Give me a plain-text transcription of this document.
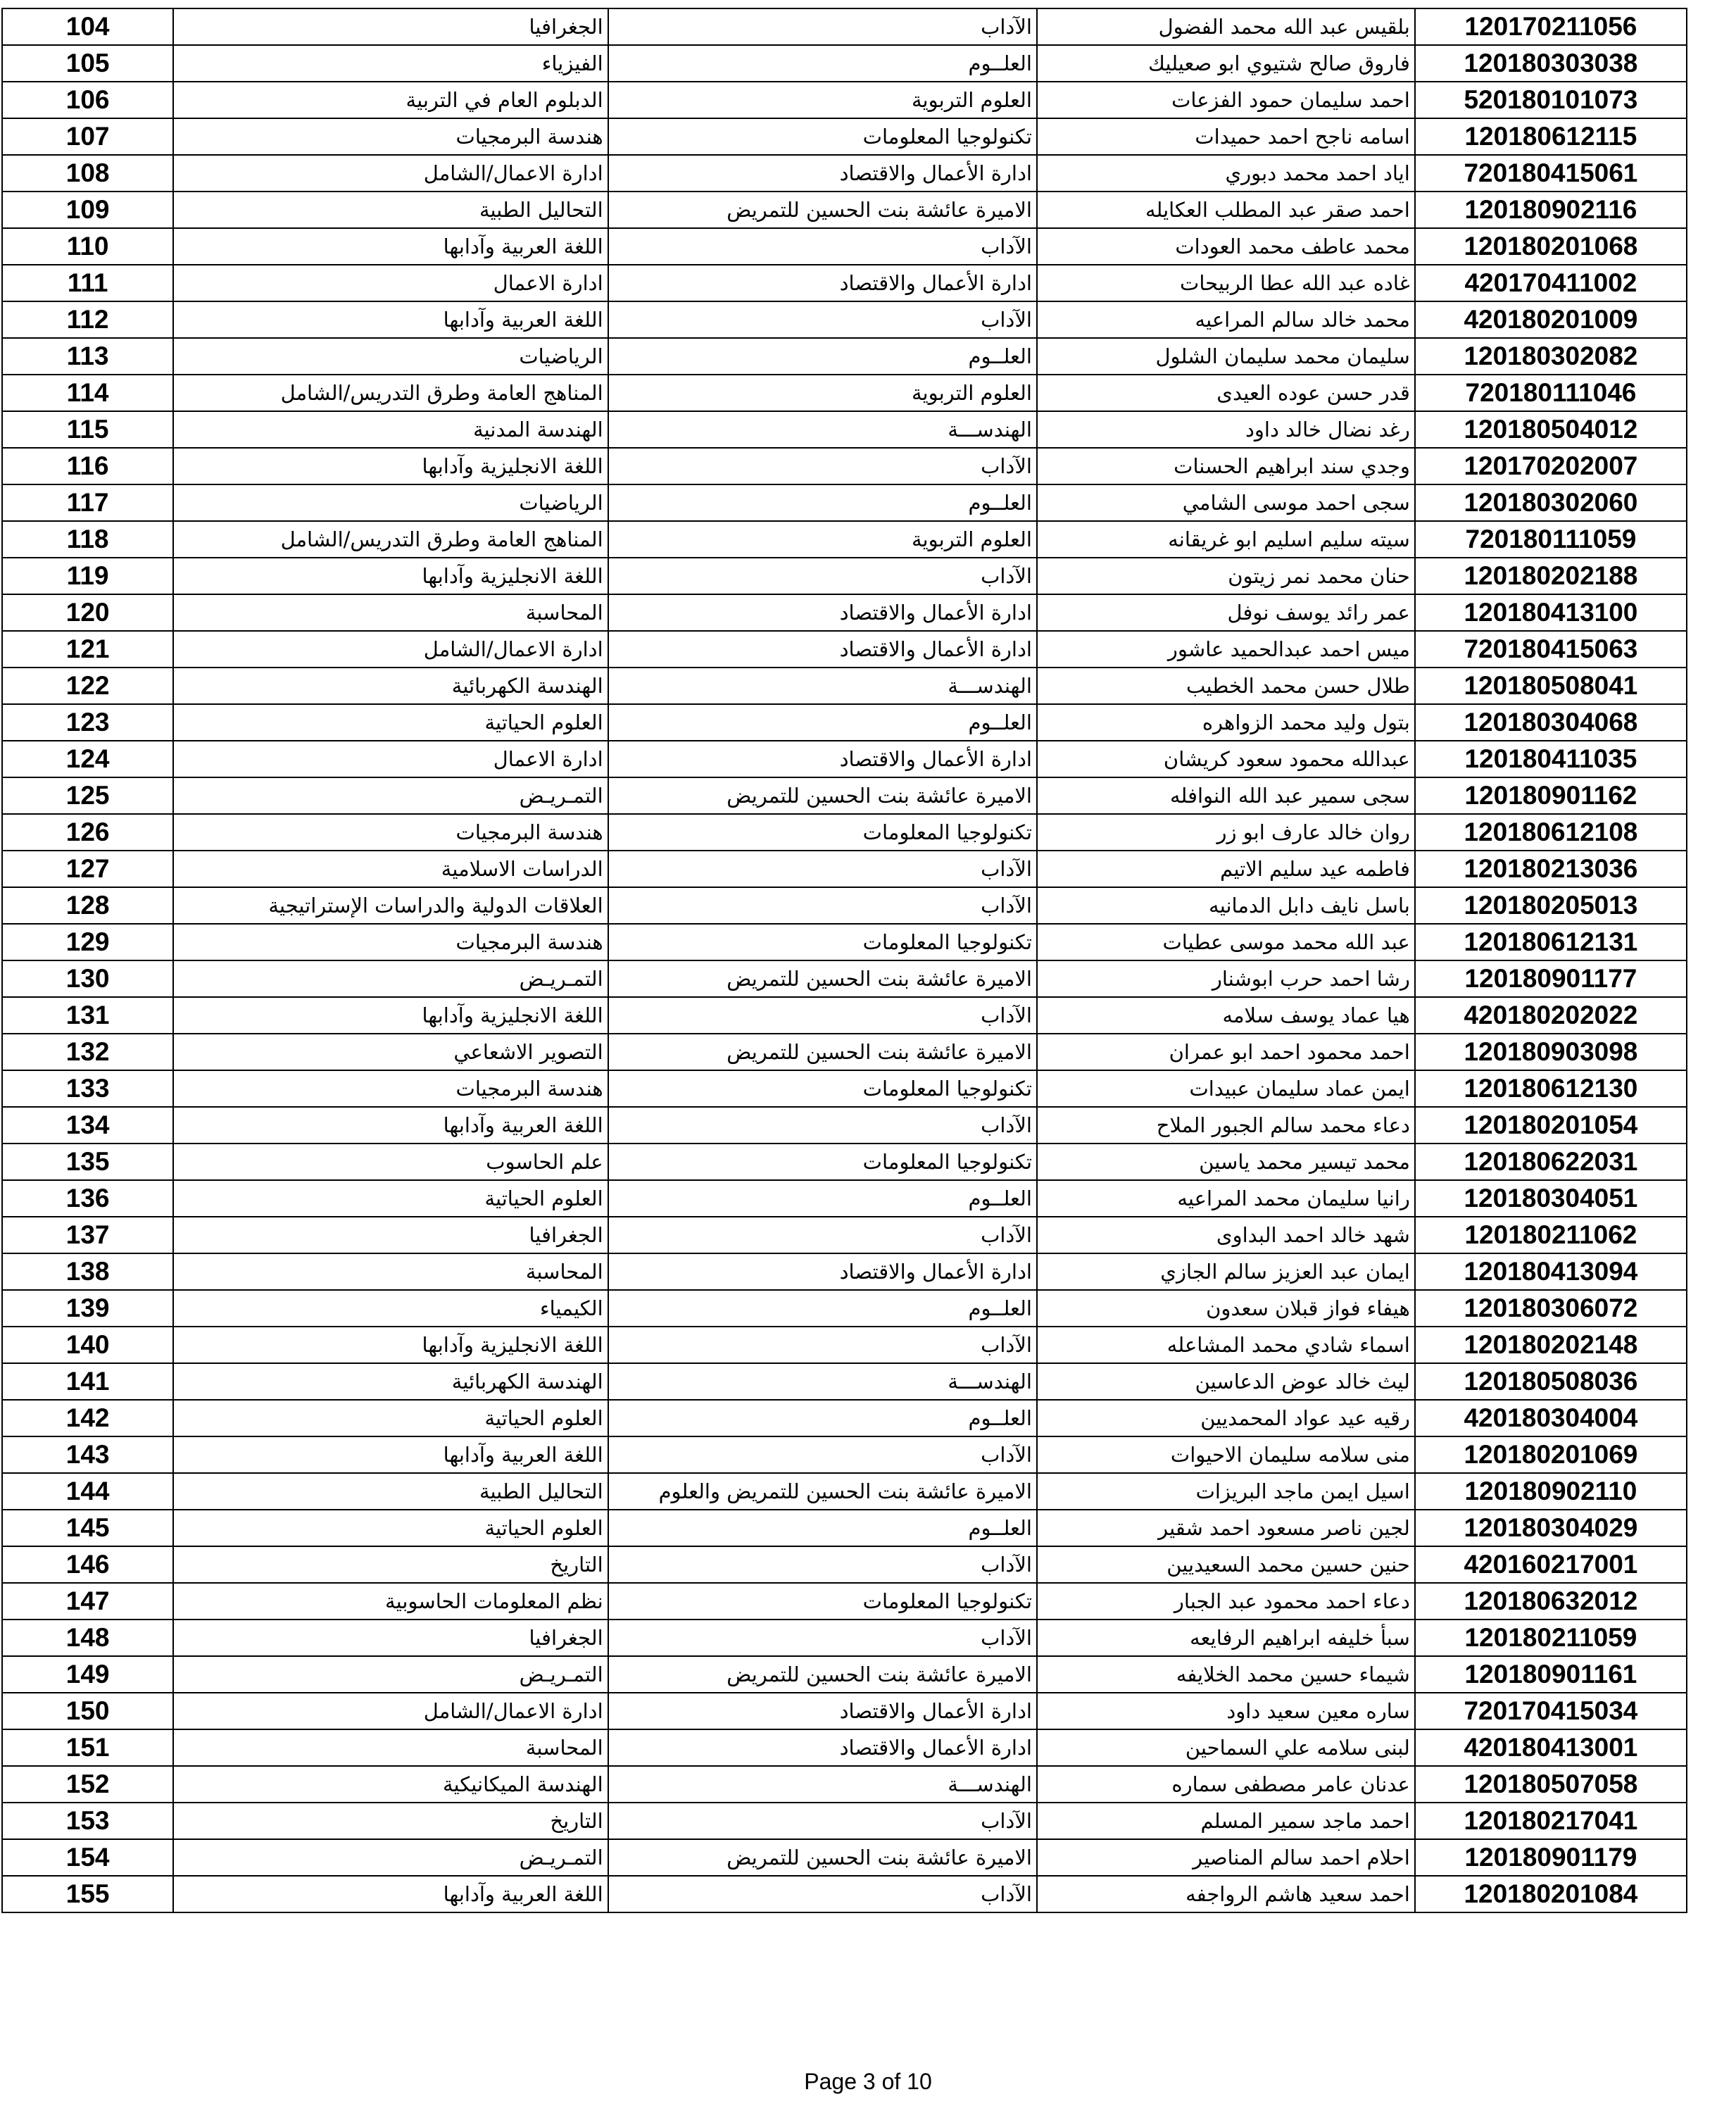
104	الجغرافيا	الآداب	بلقيس عبد الله محمد الفضول	120170211056
105	الفيزياء	العلــوم	فاروق صالح شتيوي ابو صعيليك	120180303038
106	الدبلوم العام في التربية	العلوم التربوية	احمد سليمان حمود الفزعات	520180101073
107	هندسة البرمجيات	تكنولوجيا المعلومات	اسامه ناجح احمد حميدات	120180612115
108	ادارة الاعمال/الشامل	ادارة الأعمال والاقتصاد	اياد احمد محمد دبوري	720180415061
109	التحاليل الطبية	الاميرة عائشة بنت الحسين للتمريض	احمد صقر عبد المطلب العكايله	120180902116
110	اللغة العربية وآدابها	الآداب	محمد عاطف محمد العودات	120180201068
111	ادارة الاعمال	ادارة الأعمال والاقتصاد	غاده عبد الله عطا الربيحات	420170411002
112	اللغة العربية وآدابها	الآداب	محمد خالد سالم المراعيه	420180201009
113	الرياضيات	العلــوم	سليمان محمد سليمان الشلول	120180302082
114	المناهج العامة وطرق التدريس/الشامل	العلوم التربوية	قدر حسن عوده العيدى	720180111046
115	الهندسة المدنية	الهندســـة	رغد نضال خالد داود	120180504012
116	اللغة الانجليزية وآدابها	الآداب	وجدي سند ابراهيم الحسنات	120170202007
117	الرياضيات	العلــوم	سجى احمد موسى الشامي	120180302060
118	المناهج العامة وطرق التدريس/الشامل	العلوم التربوية	سيته سليم اسليم ابو غريقانه	720180111059
119	اللغة الانجليزية وآدابها	الآداب	حنان محمد نمر زيتون	120180202188
120	المحاسبة	ادارة الأعمال والاقتصاد	عمر رائد يوسف نوفل	120180413100
121	ادارة الاعمال/الشامل	ادارة الأعمال والاقتصاد	ميس احمد عبدالحميد عاشور	720180415063
122	الهندسة الكهربائية	الهندســـة	طلال حسن محمد الخطيب	120180508041
123	العلوم الحياتية	العلــوم	بتول وليد محمد الزواهره	120180304068
124	ادارة الاعمال	ادارة الأعمال والاقتصاد	عبدالله محمود سعود كريشان	120180411035
125	التمـريـض	الاميرة عائشة بنت الحسين للتمريض	سجى سمير عبد الله النوافله	120180901162
126	هندسة البرمجيات	تكنولوجيا المعلومات	روان خالد عارف ابو زر	120180612108
127	الدراسات الاسلامية	الآداب	فاطمه عيد سليم الاتيم	120180213036
128	العلاقات الدولية والدراسات الإستراتيجية	الآداب	باسل نايف دابل الدمانيه	120180205013
129	هندسة البرمجيات	تكنولوجيا المعلومات	عبد الله محمد موسى عطيات	120180612131
130	التمـريـض	الاميرة عائشة بنت الحسين للتمريض	رشا احمد حرب ابوشنار	120180901177
131	اللغة الانجليزية وآدابها	الآداب	هيا عماد يوسف سلامه	420180202022
132	التصوير الاشعاعي	الاميرة عائشة بنت الحسين للتمريض	احمد محمود احمد ابو عمران	120180903098
133	هندسة البرمجيات	تكنولوجيا المعلومات	ايمن عماد سليمان عبيدات	120180612130
134	اللغة العربية وآدابها	الآداب	دعاء محمد سالم الجبور الملاح	120180201054
135	علم الحاسوب	تكنولوجيا المعلومات	محمد تيسير محمد ياسين	120180622031
136	العلوم الحياتية	العلــوم	رانيا سليمان محمد المراعيه	120180304051
137	الجغرافيا	الآداب	شهد خالد احمد البداوى	120180211062
138	المحاسبة	ادارة الأعمال والاقتصاد	ايمان عبد العزيز سالم الجازي	120180413094
139	الكيمياء	العلــوم	هيفاء فواز قبلان سعدون	120180306072
140	اللغة الانجليزية وآدابها	الآداب	اسماء شادي محمد المشاعله	120180202148
141	الهندسة الكهربائية	الهندســـة	ليث خالد عوض الدعاسين	120180508036
142	العلوم الحياتية	العلــوم	رقيه عيد عواد المحمديين	420180304004
143	اللغة العربية وآدابها	الآداب	منى سلامه سليمان الاحيوات	120180201069
144	التحاليل الطبية	الاميرة عائشة بنت الحسين للتمريض والعلوم	اسيل ايمن ماجد البريزات	120180902110
145	العلوم الحياتية	العلــوم	لجين ناصر مسعود احمد شقير	120180304029
146	التاريخ	الآداب	حنين حسين محمد السعيديين	420160217001
147	نظم المعلومات الحاسوبية	تكنولوجيا المعلومات	دعاء احمد محمود عبد الجبار	120180632012
148	الجغرافيا	الآداب	سبأ خليفه ابراهيم الرفايعه	120180211059
149	التمـريـض	الاميرة عائشة بنت الحسين للتمريض	شيماء حسين محمد الخلايفه	120180901161
150	ادارة الاعمال/الشامل	ادارة الأعمال والاقتصاد	ساره معين سعيد داود	720170415034
151	المحاسبة	ادارة الأعمال والاقتصاد	لبنى سلامه علي السماحين	420180413001
152	الهندسة الميكانيكية	الهندســـة	عدنان عامر مصطفى سماره	120180507058
153	التاريخ	الآداب	احمد ماجد سمير المسلم	120180217041
154	التمـريـض	الاميرة عائشة بنت الحسين للتمريض	احلام احمد سالم المناصير	120180901179
155	اللغة العربية وآدابها	الآداب	احمد سعيد هاشم الرواجفه	120180201084
Page 3 of 10
